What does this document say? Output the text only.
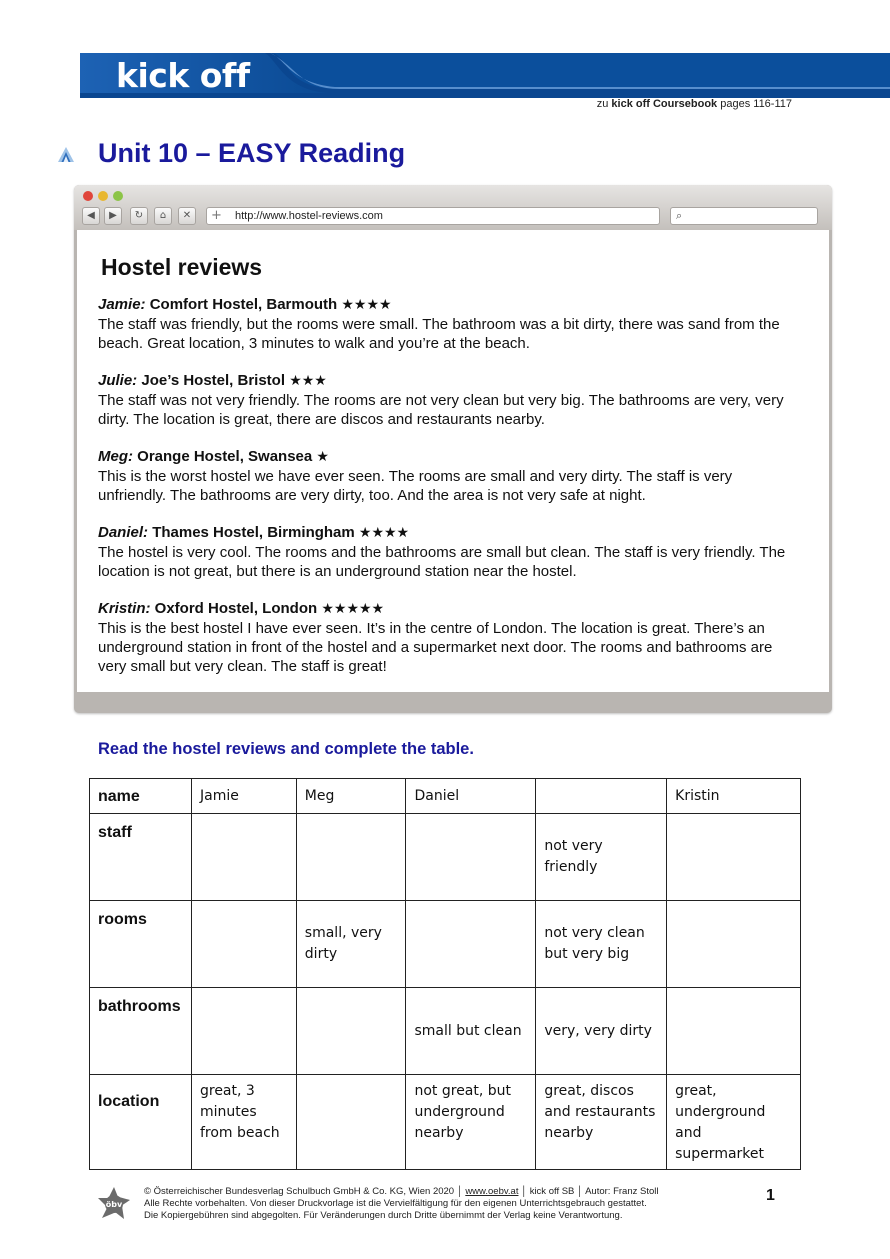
kick off
zu kick off Coursebook pages 116-117
Unit 10 – EASY Reading
◀	▶	↻	⌂	✕	+ http://www.hostel-reviews.com	⌕
Hostel reviews
Jamie: Comfort Hostel, Barmouth ★★★★
The staff was friendly, but the rooms were small. The bathroom was a bit dirty, there was sand from the beach. Great location, 3 minutes to walk and you’re at the beach.
Julie: Joe’s Hostel, Bristol ★★★
The staff was not very friendly. The rooms are not very clean but very big. The bathrooms are very, very dirty. The location is great, there are discos and restaurants nearby.
Meg: Orange Hostel, Swansea ★
This is the worst hostel we have ever seen. The rooms are small and very dirty. The staff is very unfriendly. The bathrooms are very dirty, too. And the area is not very safe at night.
Daniel: Thames Hostel, Birmingham ★★★★
The hostel is very cool. The rooms and the bathrooms are small but clean. The staff is very friendly. The location is not great, but there is an underground station near the hostel.
Kristin: Oxford Hostel, London ★★★★★
This is the best hostel I have ever seen. It’s in the centre of London. The location is great. There’s an underground station in front of the hostel and a supermarket next door. The rooms and bathrooms are very small but very clean. The staff is great!
Read the hostel reviews and complete the table.
name	Jamie	Meg	Daniel		Kristin
staff				not very friendly	
rooms		small, very dirty		not very clean but very big	
bathrooms			small but clean	very, very dirty	
location	great, 3 minutes from beach		not great, but underground nearby	great, discos and restaurants nearby	great, underground and supermarket
öbv
© Österreichischer Bundesverlag Schulbuch GmbH & Co. KG, Wien 2020 │ www.oebv.at │ kick off SB │ Autor: Franz Stoll
Alle Rechte vorbehalten. Von dieser Druckvorlage ist die Vervielfältigung für den eigenen Unterrichtsgebrauch gestattet.
Die Kopiergebühren sind abgegolten. Für Veränderungen durch Dritte übernimmt der Verlag keine Verantwortung.
1
